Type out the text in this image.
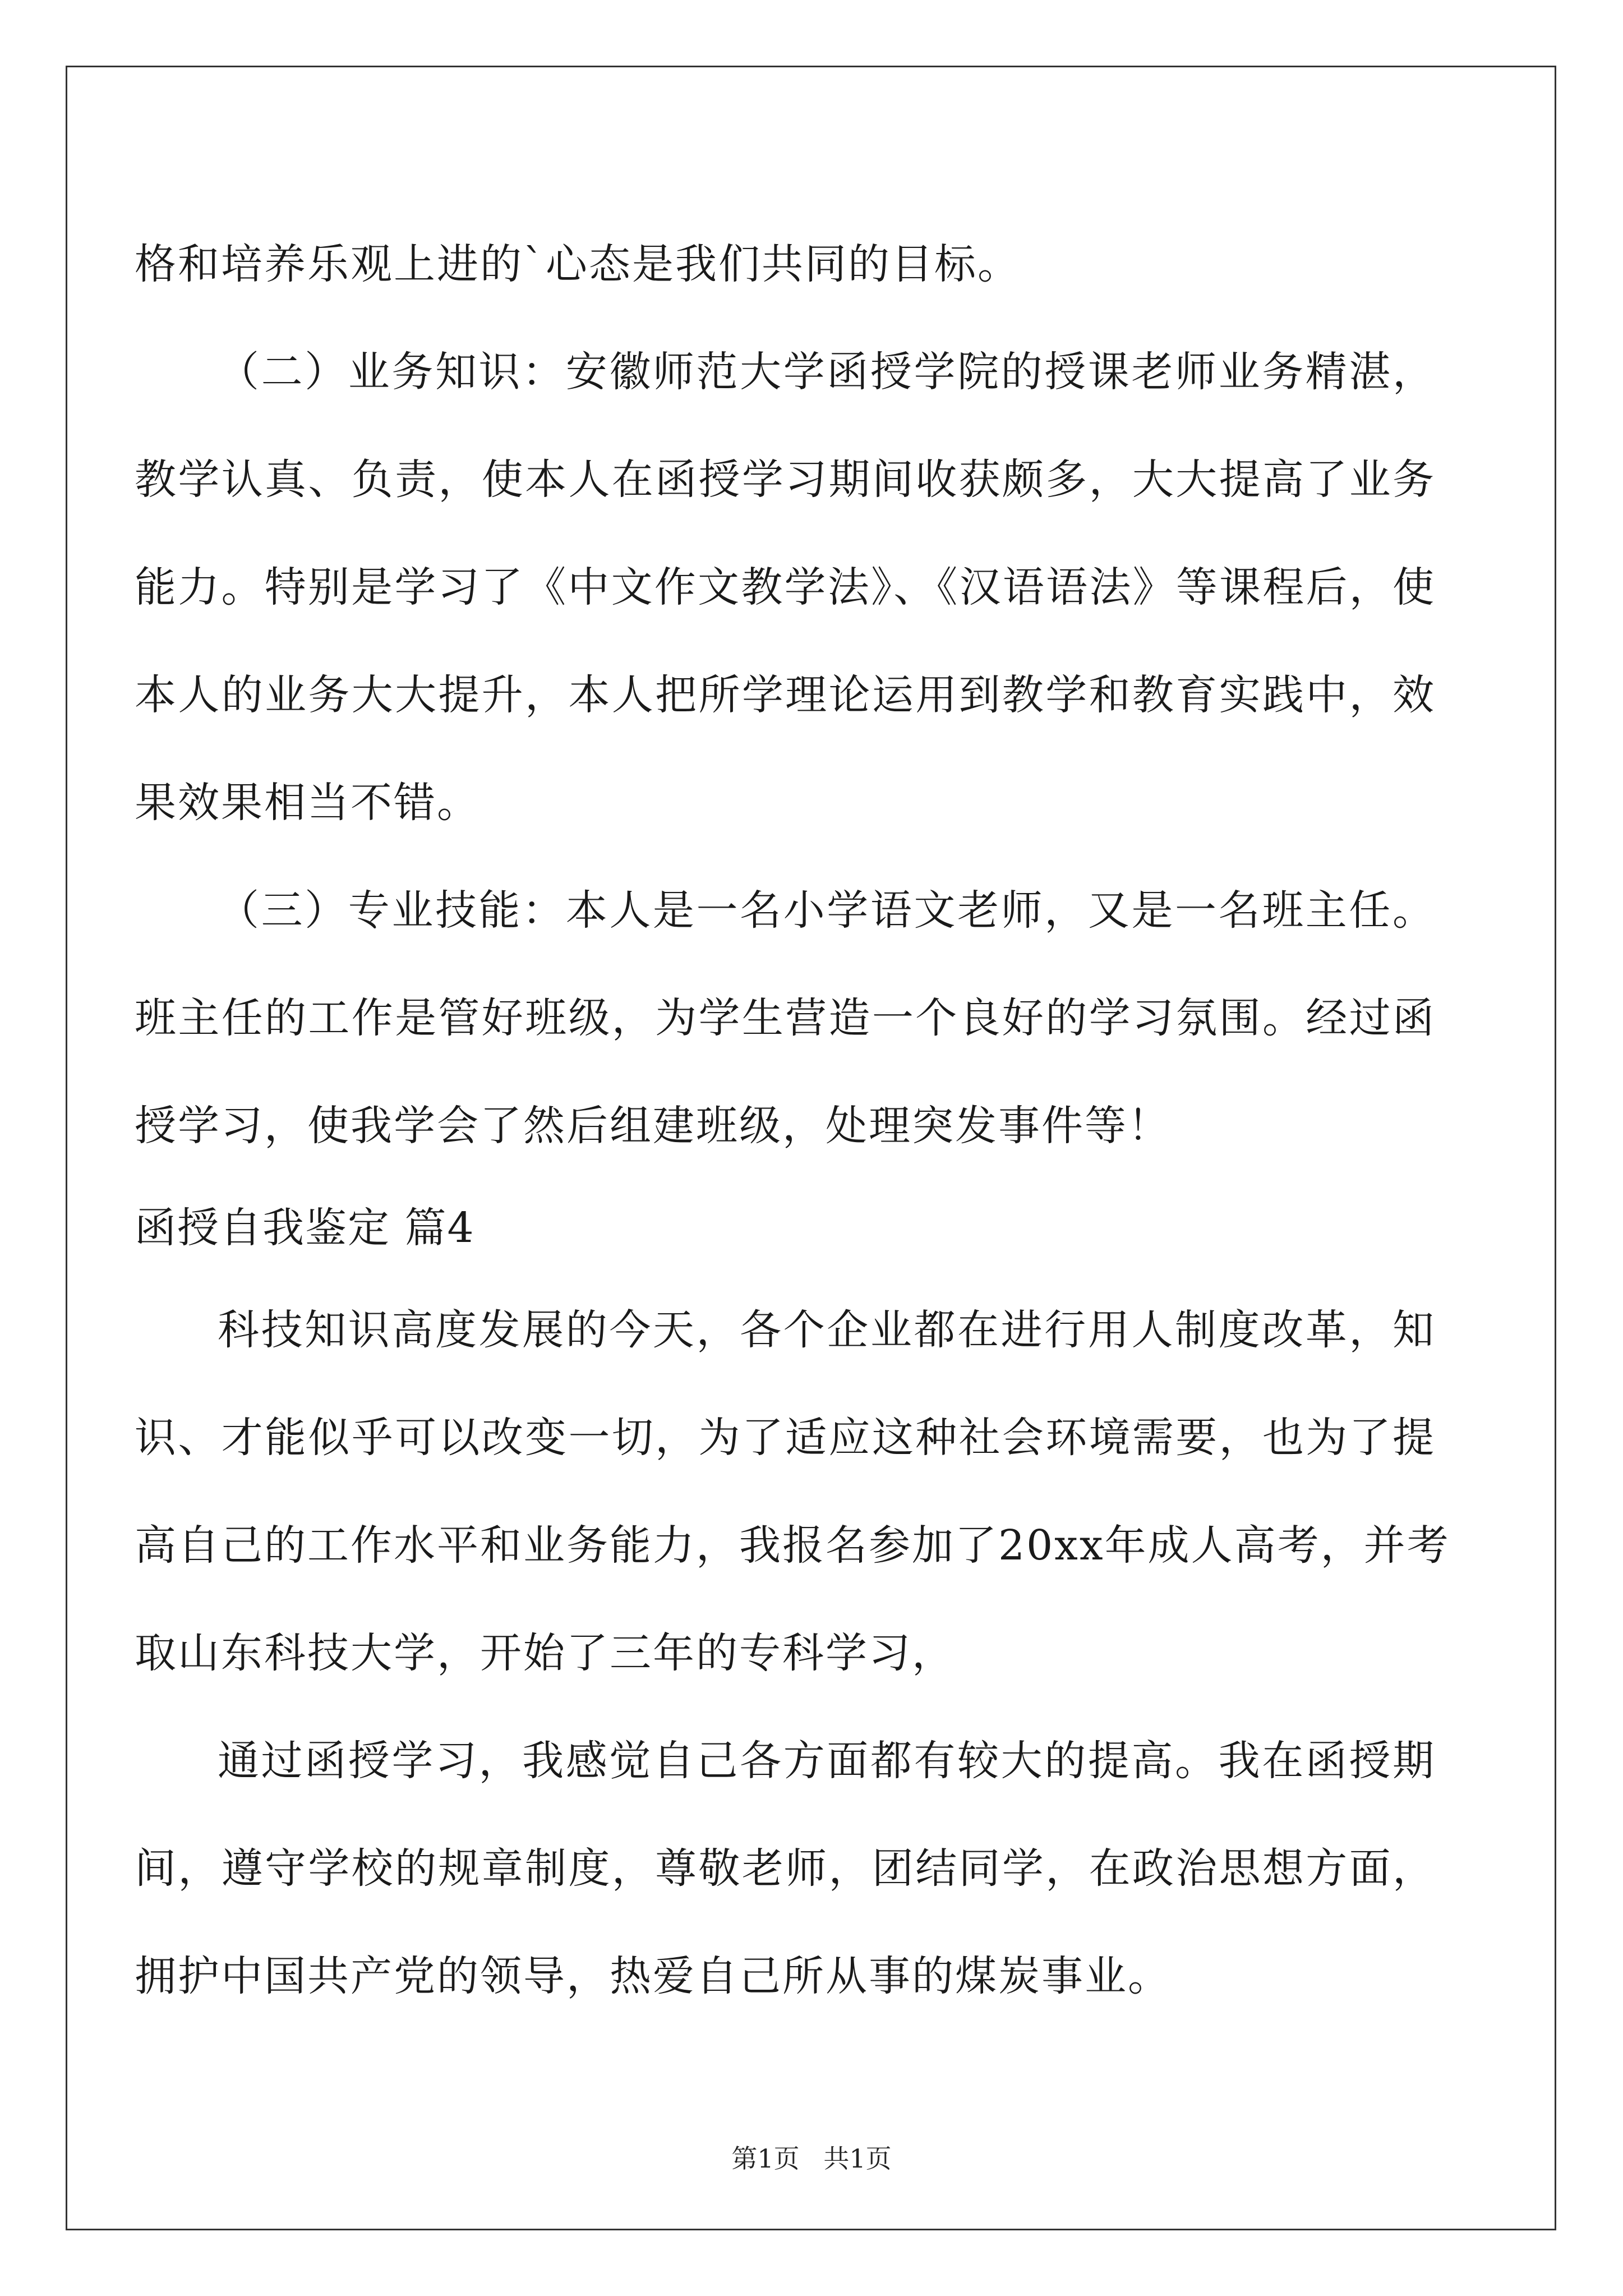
格和培养乐观上进的`心态是我们共同的目标。
（二）业务知识：安徽师范大学函授学院的授课老师业务精湛，
教学认真、负责，使本人在函授学习期间收获颇多，大大提高了业务
能力。特别是学习了《中文作文教学法》、《汉语语法》等课程后，使
本人的业务大大提升，本人把所学理论运用到教学和教育实践中，效
果效果相当不错。
（三）专业技能：本人是一名小学语文老师，又是一名班主任。
班主任的工作是管好班级，为学生营造一个良好的学习氛围。经过函
授学习，使我学会了然后组建班级，处理突发事件等！
函授自我鉴定 篇4
科技知识高度发展的今天，各个企业都在进行用人制度改革，知
识、才能似乎可以改变一切，为了适应这种社会环境需要，也为了提
高自己的工作水平和业务能力，我报名参加了20xx年成人高考，并考
取山东科技大学，开始了三年的专科学习，
通过函授学习，我感觉自己各方面都有较大的提高。我在函授期
间，遵守学校的规章制度，尊敬老师，团结同学，在政治思想方面，
拥护中国共产党的领导，热爱自己所从事的煤炭事业。
第1页 共1页
